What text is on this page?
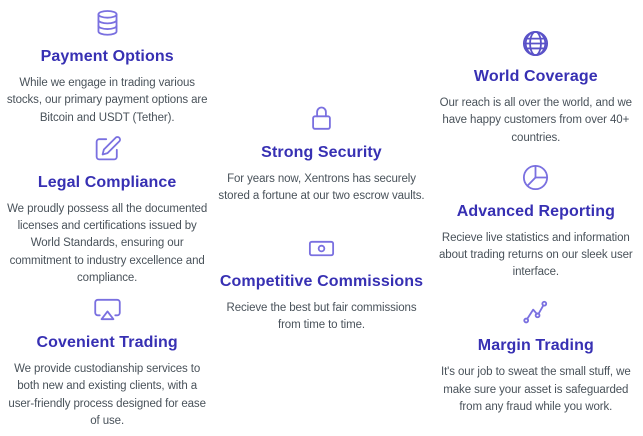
Payment Options

While we engage in trading various stocks, our primary payment options are Bitcoin and USDT (Tether).

Legal Compliance

We proudly possess all the documented licenses and certifications issued by World Standards, ensuring our commitment to industry excellence and compliance.

Covenient Trading

We provide custodianship services to both new and existing clients, with a user-friendly process designed for ease of use.

Strong Security

For years now, Xentrons has securely stored a fortune at our two escrow vaults.

Competitive Commissions

Recieve the best but fair commissions from time to time.

World Coverage

Our reach is all over the world, and we have happy customers from over 40+ countries.

Advanced Reporting

Recieve live statistics and information about trading returns on our sleek user interface.

Margin Trading

It's our job to sweat the small stuff, we make sure your asset is safeguarded from any fraud while you work.
